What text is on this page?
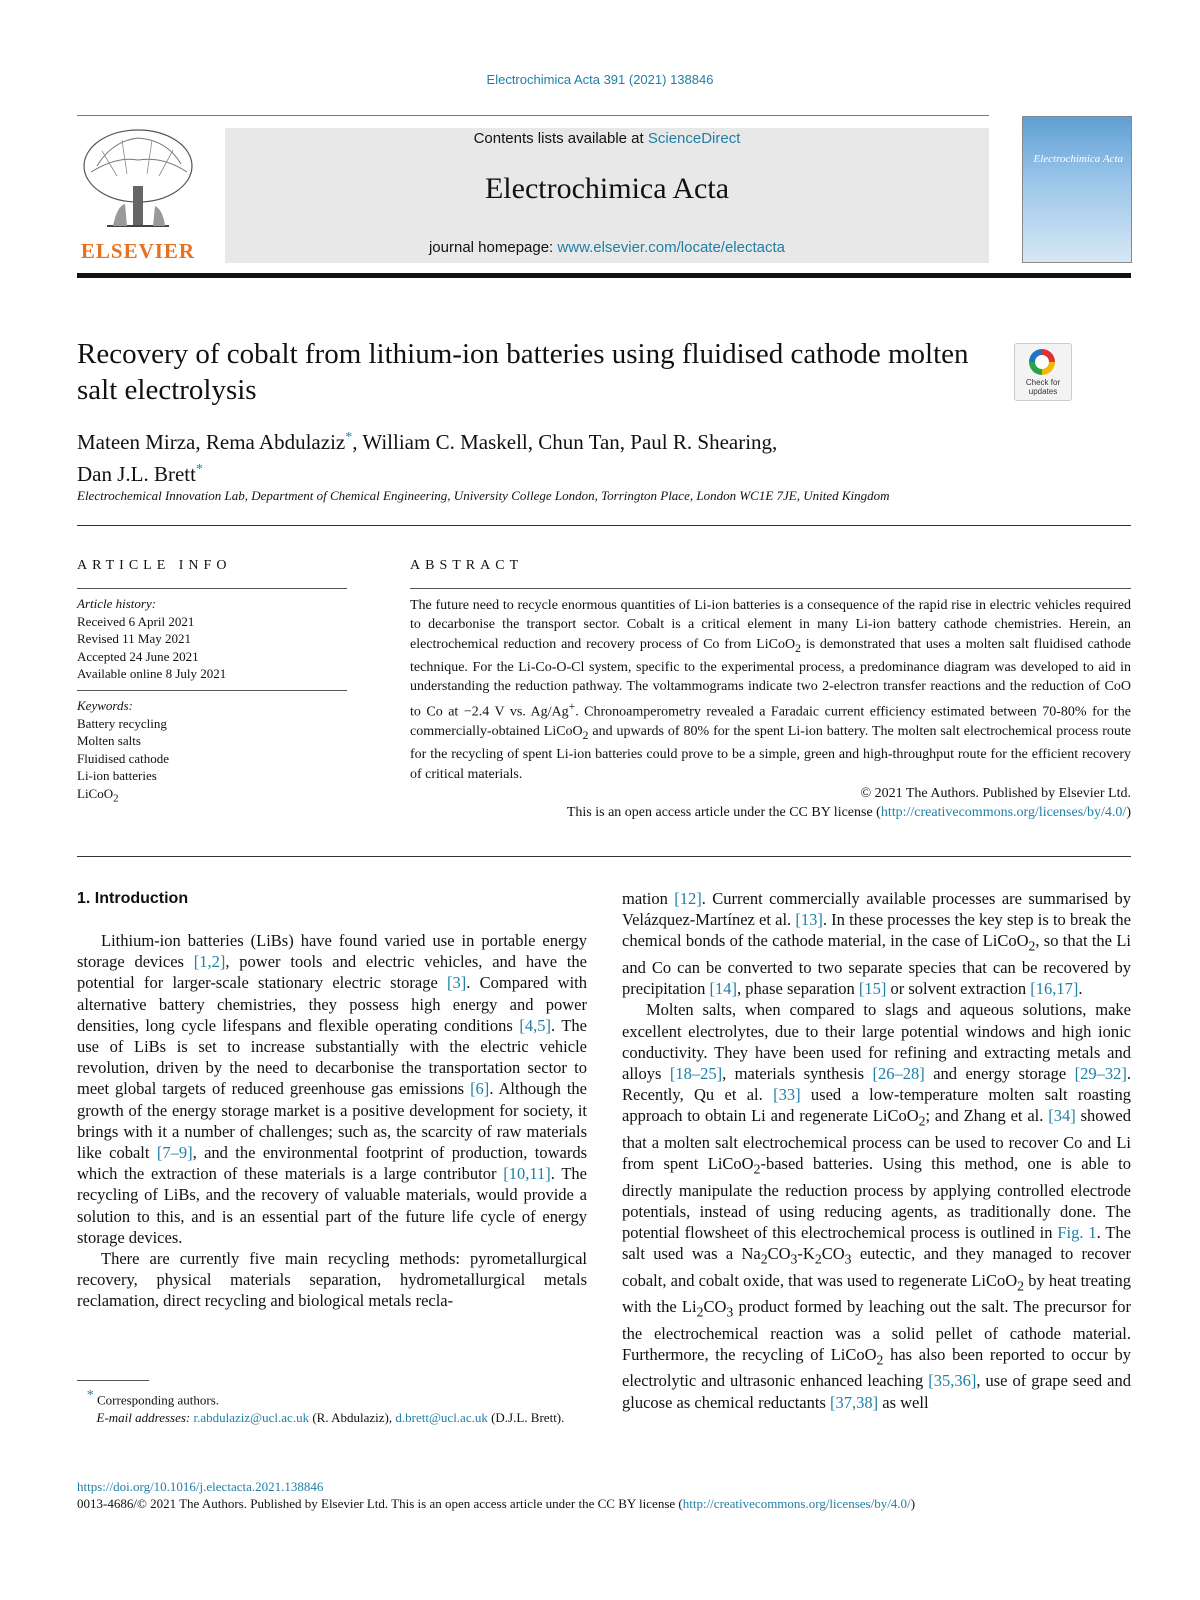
Electrochimica Acta 391 (2021) 138846
ELSEVIER
Contents lists available at ScienceDirect
Electrochimica Acta
journal homepage: www.elsevier.com/locate/electacta
Electrochimica Acta
Recovery of cobalt from lithium-ion batteries using fluidised cathode molten salt electrolysis	Check for updates
Mateen Mirza, Rema Abdulaziz*, William C. Maskell, Chun Tan, Paul R. Shearing,
Dan J.L. Brett*
Electrochemical Innovation Lab, Department of Chemical Engineering, University College London, Torrington Place, London WC1E 7JE, United Kingdom
ARTICLE INFO
Article history:
Received 6 April 2021
Revised 11 May 2021
Accepted 24 June 2021
Available online 8 July 2021
Keywords:
Battery recycling
Molten salts
Fluidised cathode
Li-ion batteries
LiCoO$_2$
ABSTRACT
The future need to recycle enormous quantities of Li-ion batteries is a consequence of the rapid rise in electric vehicles required to decarbonise the transport sector. Cobalt is a critical element in many Li-ion battery cathode chemistries. Herein, an electrochemical reduction and recovery process of Co from LiCoO$_2$ is demonstrated that uses a molten salt fluidised cathode technique. For the Li-Co-O-Cl system, specific to the experimental process, a predominance diagram was developed to aid in understanding the reduction pathway. The voltammograms indicate two 2-electron transfer reactions and the reduction of CoO to Co at −2.4 V vs. Ag/Ag+. Chronoamperometry revealed a Faradaic current efficiency estimated between 70-80% for the commercially-obtained LiCoO$_2$ and upwards of 80% for the spent Li-ion battery. The molten salt electrochemical process route for the recycling of spent Li-ion batteries could prove to be a simple, green and high-throughput route for the efficient recovery of critical materials.
© 2021 The Authors. Published by Elsevier Ltd.
This is an open access article under the CC BY license (http://creativecommons.org/licenses/by/4.0/)
1. Introduction

Lithium-ion batteries (LiBs) have found varied use in portable energy storage devices [1,2], power tools and electric vehicles, and have the potential for larger-scale stationary electric storage [3]. Compared with alternative battery chemistries, they possess high energy and power densities, long cycle lifespans and flexible operating conditions [4,5]. The use of LiBs is set to increase substantially with the electric vehicle revolution, driven by the need to decarbonise the transportation sector to meet global targets of reduced greenhouse gas emissions [6]. Although the growth of the energy storage market is a positive development for society, it brings with it a number of challenges; such as, the scarcity of raw materials like cobalt [7–9], and the environmental footprint of production, towards which the extraction of these materials is a large contributor [10,11]. The recycling of LiBs, and the recovery of valuable materials, would provide a solution to this, and is an essential part of the future life cycle of energy storage devices.

There are currently five main recycling methods: pyrometallurgical recovery, physical materials separation, hydrometallurgical metals reclamation, direct recycling and biological metals recla-

mation [12]. Current commercially available processes are summarised by Velázquez-Martínez et al. [13]. In these processes the key step is to break the chemical bonds of the cathode material, in the case of LiCoO$_2$, so that the Li and Co can be converted to two separate species that can be recovered by precipitation [14], phase separation [15] or solvent extraction [16,17].

Molten salts, when compared to slags and aqueous solutions, make excellent electrolytes, due to their large potential windows and high ionic conductivity. They have been used for refining and extracting metals and alloys [18–25], materials synthesis [26–28] and energy storage [29–32]. Recently, Qu et al. [33] used a low-temperature molten salt roasting approach to obtain Li and regenerate LiCoO$_2$; and Zhang et al. [34] showed that a molten salt electrochemical process can be used to recover Co and Li from spent LiCoO$_2$-based batteries. Using this method, one is able to directly manipulate the reduction process by applying controlled electrode potentials, instead of using reducing agents, as traditionally done. The potential flowsheet of this electrochemical process is outlined in Fig. 1. The salt used was a $Na_2CO_3-K_2CO_3$ eutectic, and they managed to recover cobalt, and cobalt oxide, that was used to regenerate LiCoO$_2$ by heat treating with the $Li_2CO_3$ product formed by leaching out the salt. The precursor for the electrochemical reaction was a solid pellet of cathode material. Furthermore, the recycling of LiCoO$_2$ has also been reported to occur by electrolytic and ultrasonic enhanced leaching [35,36], use of grape seed and glucose as chemical reductants [37,38] as well

* Corresponding authors.
E-mail addresses: r.abdulaziz@ucl.ac.uk (R. Abdulaziz), d.brett@ucl.ac.uk (D.J.L. Brett).
https://doi.org/10.1016/j.electacta.2021.138846
0013-4686/© 2021 The Authors. Published by Elsevier Ltd. This is an open access article under the CC BY license (http://creativecommons.org/licenses/by/4.0/)
